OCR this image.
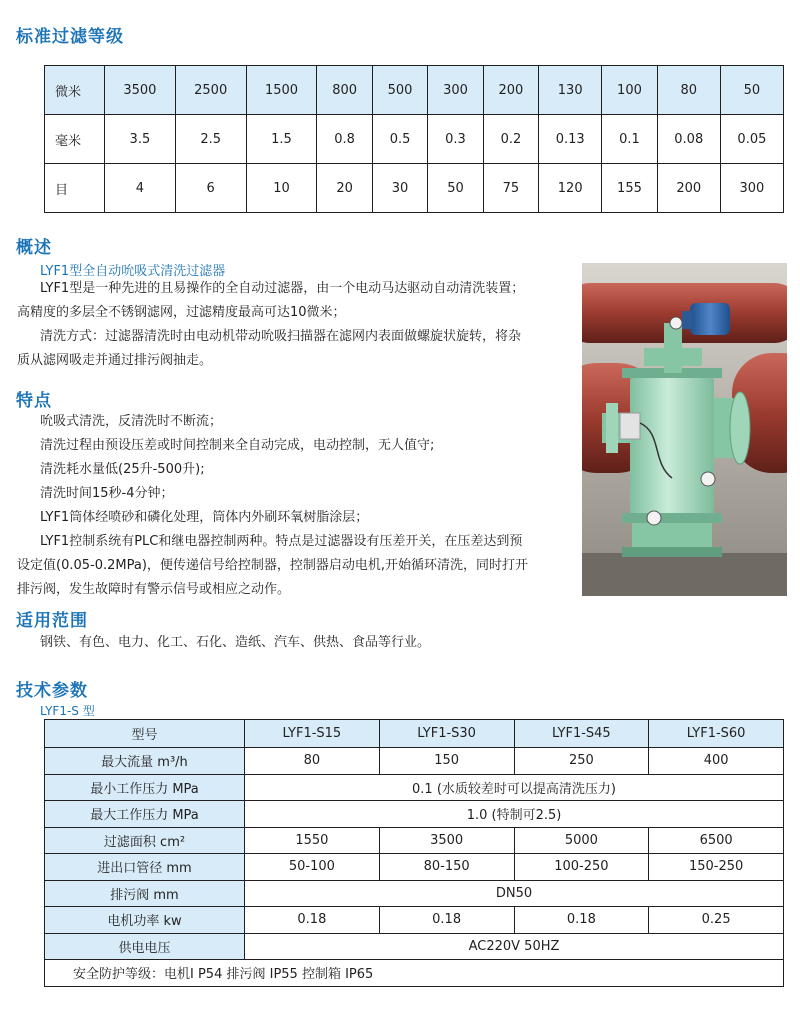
标准过滤等级
微米	3500	2500	1500	800	500	300	200	130	100	80	50
毫米	3.5	2.5	1.5	0.8	0.5	0.3	0.2	0.13	0.1	0.08	0.05
目	4	6	10	20	30	50	75	120	155	200	300
概述
LYF1型全自动吮吸式清洗过滤器
LYF1型是一种先进的且易操作的全自动过滤器，由一个电动马达驱动自动清洗装置；
高精度的多层全不锈钢滤网，过滤精度最高可达10微米；
清洗方式：过滤器清洗时由电动机带动吮吸扫描器在滤网内表面做螺旋状旋转，将杂
质从滤网吸走并通过排污阀抽走。
特点
吮吸式清洗，反清洗时不断流；
清洗过程由预设压差或时间控制来全自动完成，电动控制，无人值守;
清洗耗水量低(25升-500升);
清洗时间15秒-4分钟；
LYF1筒体经喷砂和磷化处理，筒体内外刷环氧树脂涂层；
LYF1控制系统有PLC和继电器控制两种。特点是过滤器设有压差开关，在压差达到预
设定值(0.05-0.2MPa)，便传递信号给控制器，控制器启动电机,开始循环清洗，同时打开
排污阀，发生故障时有警示信号或相应之动作。
适用范围
钢铁、有色、电力、化工、石化、造纸、汽车、供热、食品等行业。
技术参数
LYF1-S 型
型号	LYF1-S15	LYF1-S30	LYF1-S45	LYF1-S60
最大流量 m³/h	80	150	250	400
最小工作压力 MPa	0.1 (水质较差时可以提高清洗压力)			
最大工作压力 MPa	1.0 (特制可2.5)			
过滤面积 cm²	1550	3500	5000	6500
进出口管径 mm	50-100	80-150	100-250	150-250
排污阀 mm	DN50			
电机功率 kw	0.18	0.18	0.18	0.25
供电电压	AC220V 50HZ			
安全防护等级：电机I P54 排污阀 IP55 控制箱 IP65				
